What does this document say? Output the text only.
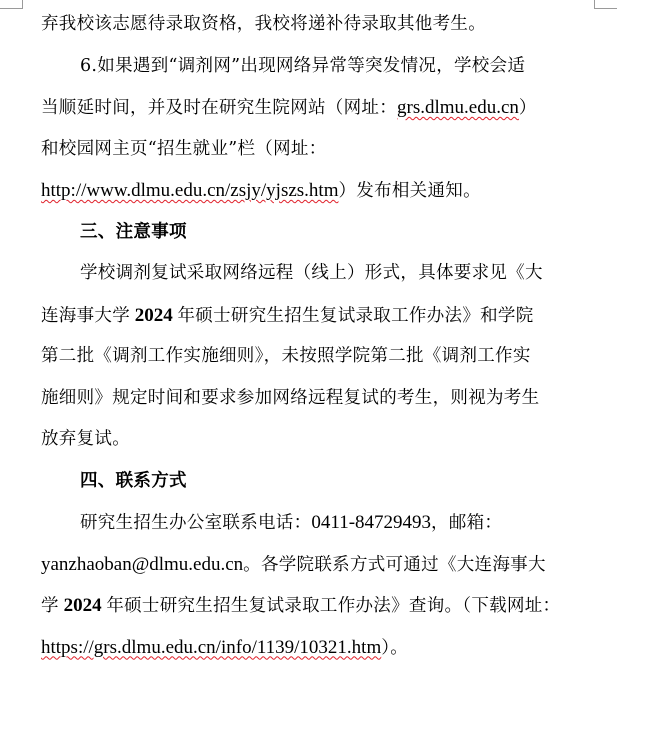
弃我校该志愿待录取资格，我校将递补待录取其他考生。
6.如果遇到“调剂网”出现网络异常等突发情况，学校会适
当顺延时间，并及时在研究生院网站（网址：grs.dlmu.edu.cn）
和校园网主页“招生就业”栏（网址：
http://www.dlmu.edu.cn/zsjy/yjszs.htm）发布相关通知。
三、注意事项
学校调剂复试采取网络远程（线上）形式，具体要求见《大
连海事大学 2024 年硕士研究生招生复试录取工作办法》和学院
第二批《调剂工作实施细则》，未按照学院第二批《调剂工作实
施细则》规定时间和要求参加网络远程复试的考生，则视为考生
放弃复试。
四、联系方式
研究生招生办公室联系电话：0411-84729493，邮箱：
yanzhaoban@dlmu.edu.cn。各学院联系方式可通过《大连海事大
学 2024 年硕士研究生招生复试录取工作办法》查询。（下载网址：
https://grs.dlmu.edu.cn/info/1139/10321.htm）。
